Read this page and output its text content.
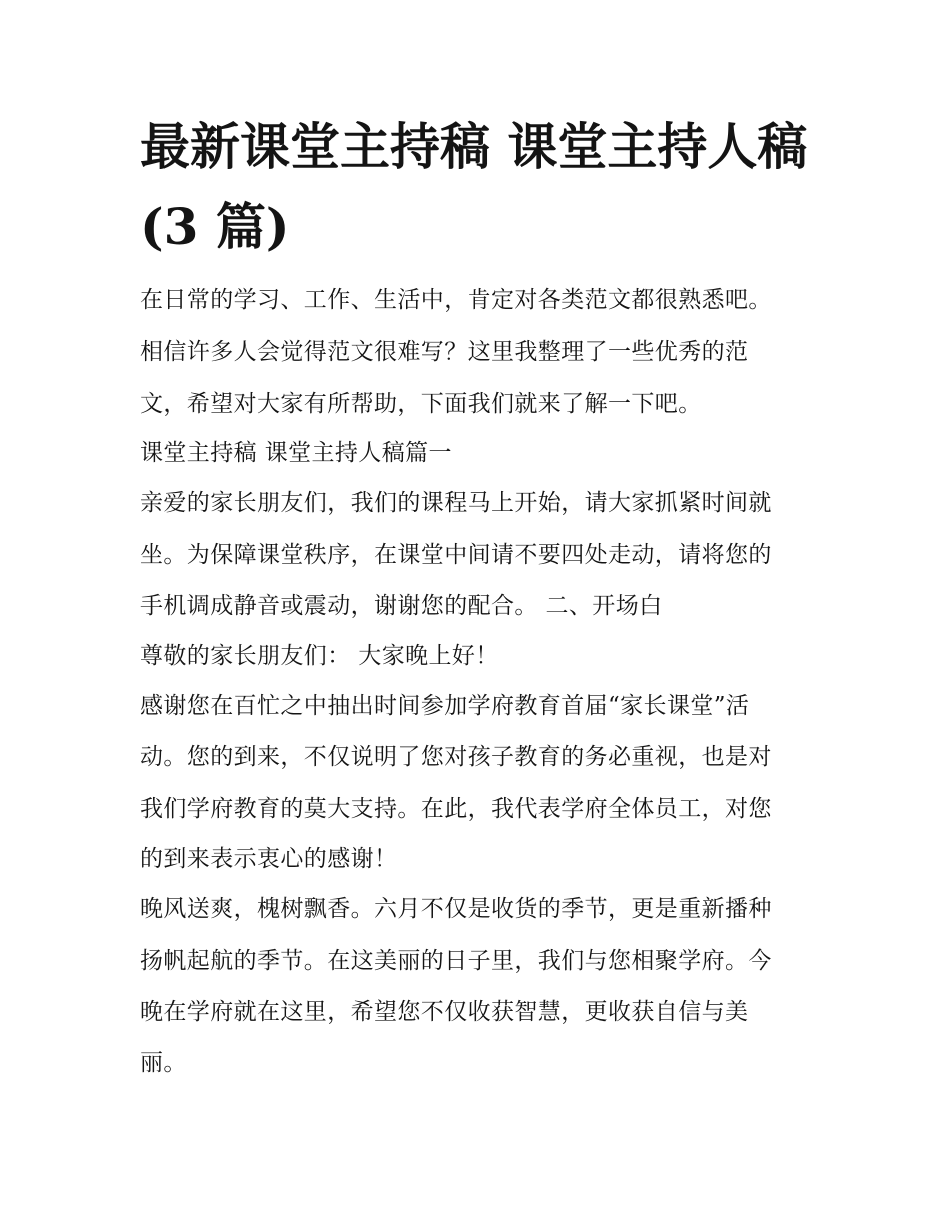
最新课堂主持稿 课堂主持人稿
(3 篇)

在日常的学习、工作、生活中，肯定对各类范文都很熟悉吧。

相信许多人会觉得范文很难写？这里我整理了一些优秀的范

文，希望对大家有所帮助，下面我们就来了解一下吧。

课堂主持稿 课堂主持人稿篇一

亲爱的家长朋友们，我们的课程马上开始，请大家抓紧时间就

坐。为保障课堂秩序，在课堂中间请不要四处走动，请将您的

手机调成静音或震动，谢谢您的配合。 二、开场白

尊敬的家长朋友们： 大家晚上好！

感谢您在百忙之中抽出时间参加学府教育首届“家长课堂”活

动。您的到来，不仅说明了您对孩子教育的务必重视，也是对

我们学府教育的莫大支持。在此，我代表学府全体员工，对您

的到来表示衷心的感谢！

晚风送爽，槐树飘香。六月不仅是收货的季节，更是重新播种

扬帆起航的季节。在这美丽的日子里，我们与您相聚学府。今

晚在学府就在这里，希望您不仅收获智慧，更收获自信与美

丽。
